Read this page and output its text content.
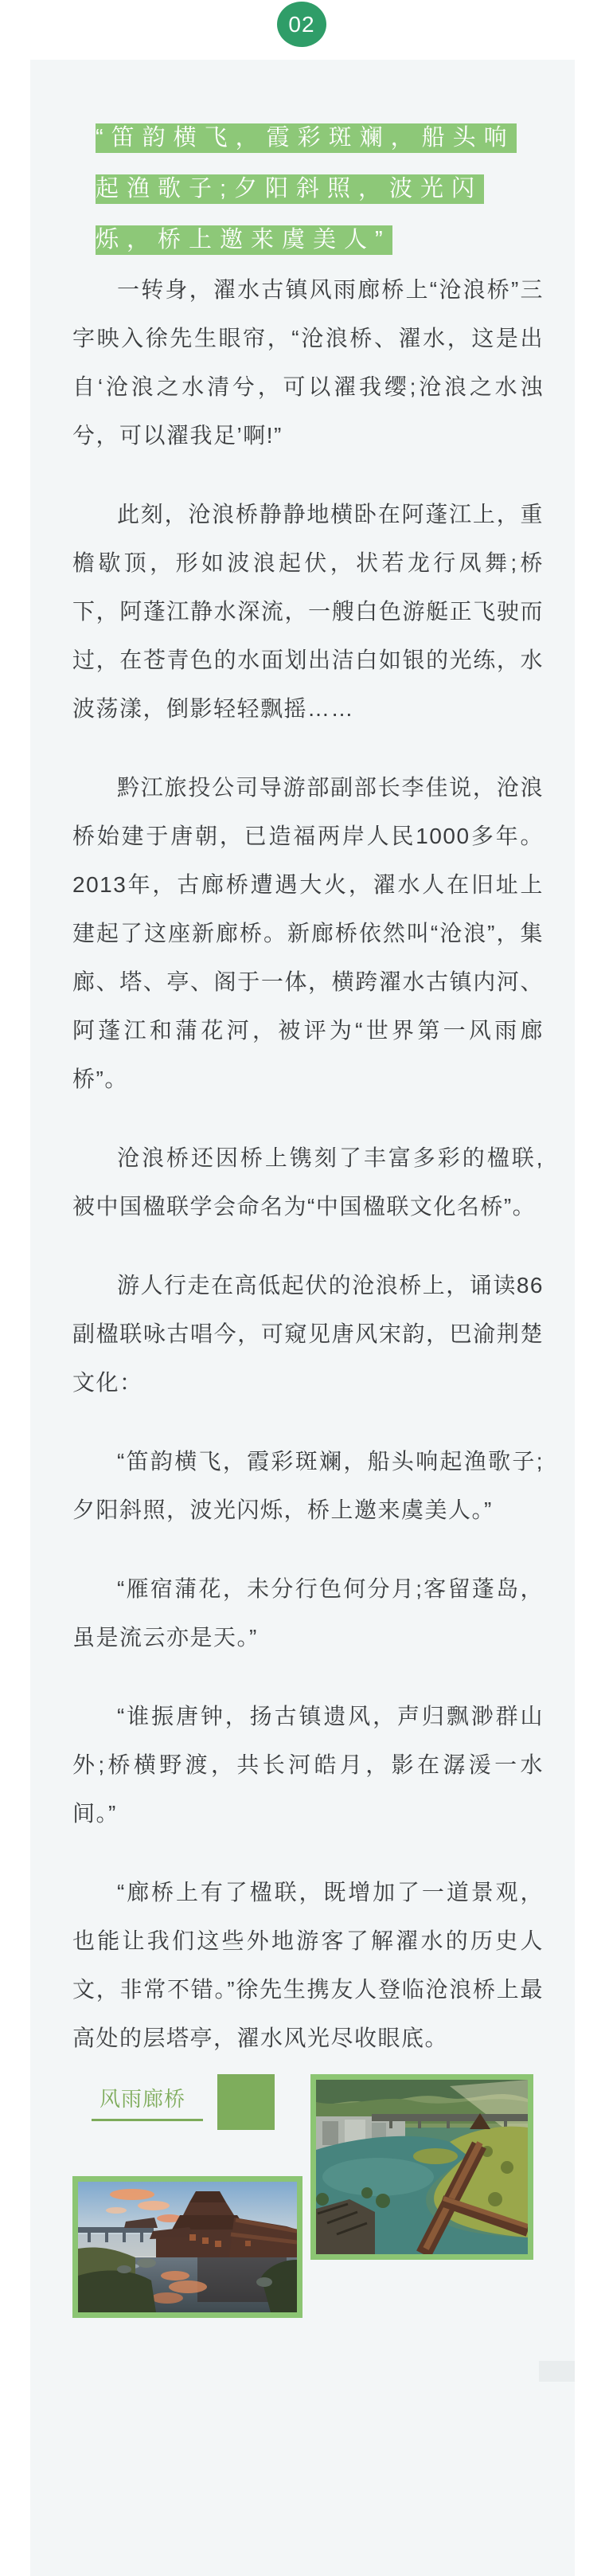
02
“笛韵横飞，霞彩斑斓，船头响起渔歌子;夕阳斜照，波光闪烁，桥上邀来虞美人”

一转身，濯水古镇风雨廊桥上“沧浪桥”三字映入徐先生眼帘，“沧浪桥、濯水，这是出自‘沧浪之水清兮，可以濯我缨;沧浪之水浊兮，可以濯我足’啊!”

此刻，沧浪桥静静地横卧在阿蓬江上，重檐歇顶，形如波浪起伏，状若龙行凤舞;桥下，阿蓬江静水深流，一艘白色游艇正飞驶而过，在苍青色的水面划出洁白如银的光练，水波荡漾，倒影轻轻飘摇……

黔江旅投公司导游部副部长李佳说，沧浪桥始建于唐朝，已造福两岸人民1000多年。2013年，古廊桥遭遇大火，濯水人在旧址上建起了这座新廊桥。新廊桥依然叫“沧浪”，集廊、塔、亭、阁于一体，横跨濯水古镇内河、阿蓬江和蒲花河，被评为“世界第一风雨廊桥”。

沧浪桥还因桥上镌刻了丰富多彩的楹联,被中国楹联学会命名为“中国楹联文化名桥”。

游人行走在高低起伏的沧浪桥上，诵读86副楹联咏古唱今，可窥见唐风宋韵，巴渝荆楚文化：

“笛韵横飞，霞彩斑斓，船头响起渔歌子;夕阳斜照，波光闪烁，桥上邀来虞美人。”

“雁宿蒲花，未分行色何分月;客留蓬岛，虽是流云亦是天。”

“谁振唐钟，扬古镇遗风，声归飘渺群山外;桥横野渡，共长河皓月，影在潺湲一水间。”

“廊桥上有了楹联，既增加了一道景观，也能让我们这些外地游客了解濯水的历史人文，非常不错。”徐先生携友人登临沧浪桥上最高处的层塔亭，濯水风光尽收眼底。

风雨廊桥
